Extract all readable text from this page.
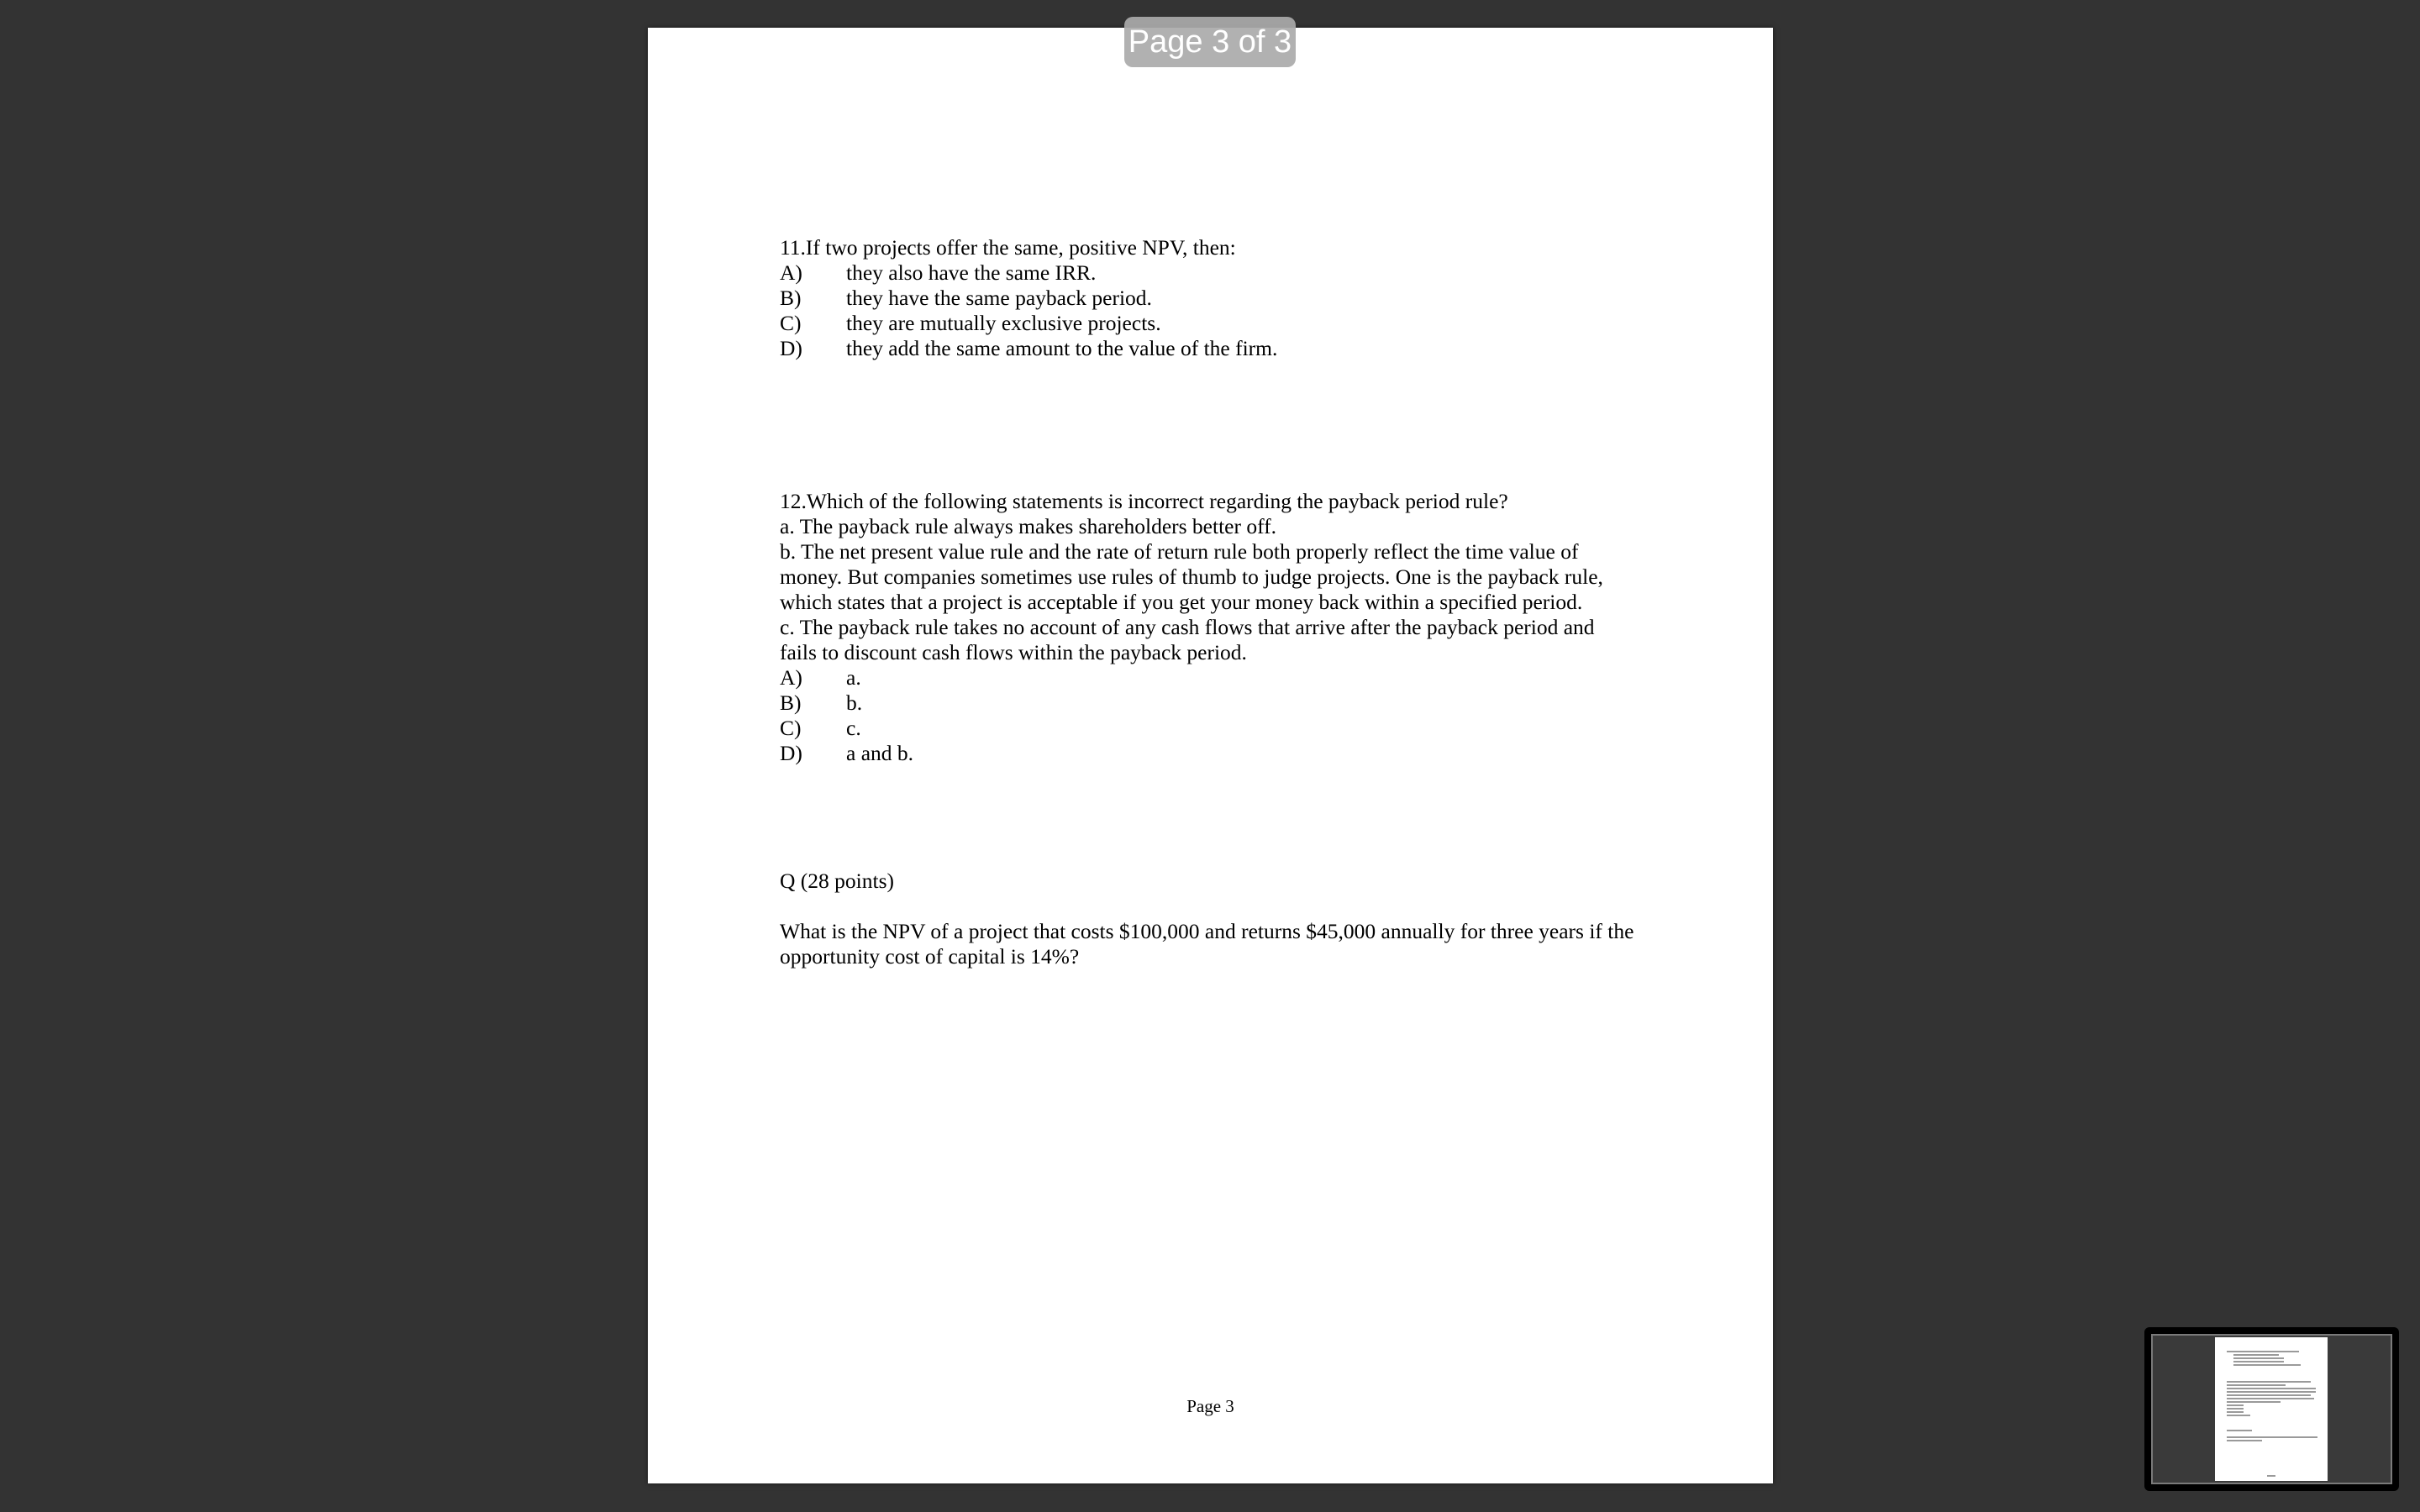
Page 3 of 3
11.If two projects offer the same, positive NPV, then:
A) they also have the same IRR.
B) they have the same payback period.
C) they are mutually exclusive projects.
D) they add the same amount to the value of the firm.
12.Which of the following statements is incorrect regarding the payback period rule?
a. The payback rule always makes shareholders better off.
b. The net present value rule and the rate of return rule both properly reflect the time value of
money. But companies sometimes use rules of thumb to judge projects. One is the payback rule,
which states that a project is acceptable if you get your money back within a specified period.
c. The payback rule takes no account of any cash flows that arrive after the payback period and
fails to discount cash flows within the payback period.
A) a.
B) b.
C) c.
D) a and b.
Q (28 points)
What is the NPV of a project that costs $100,000 and returns $45,000 annually for three years if the
opportunity cost of capital is 14%?
Page 3
